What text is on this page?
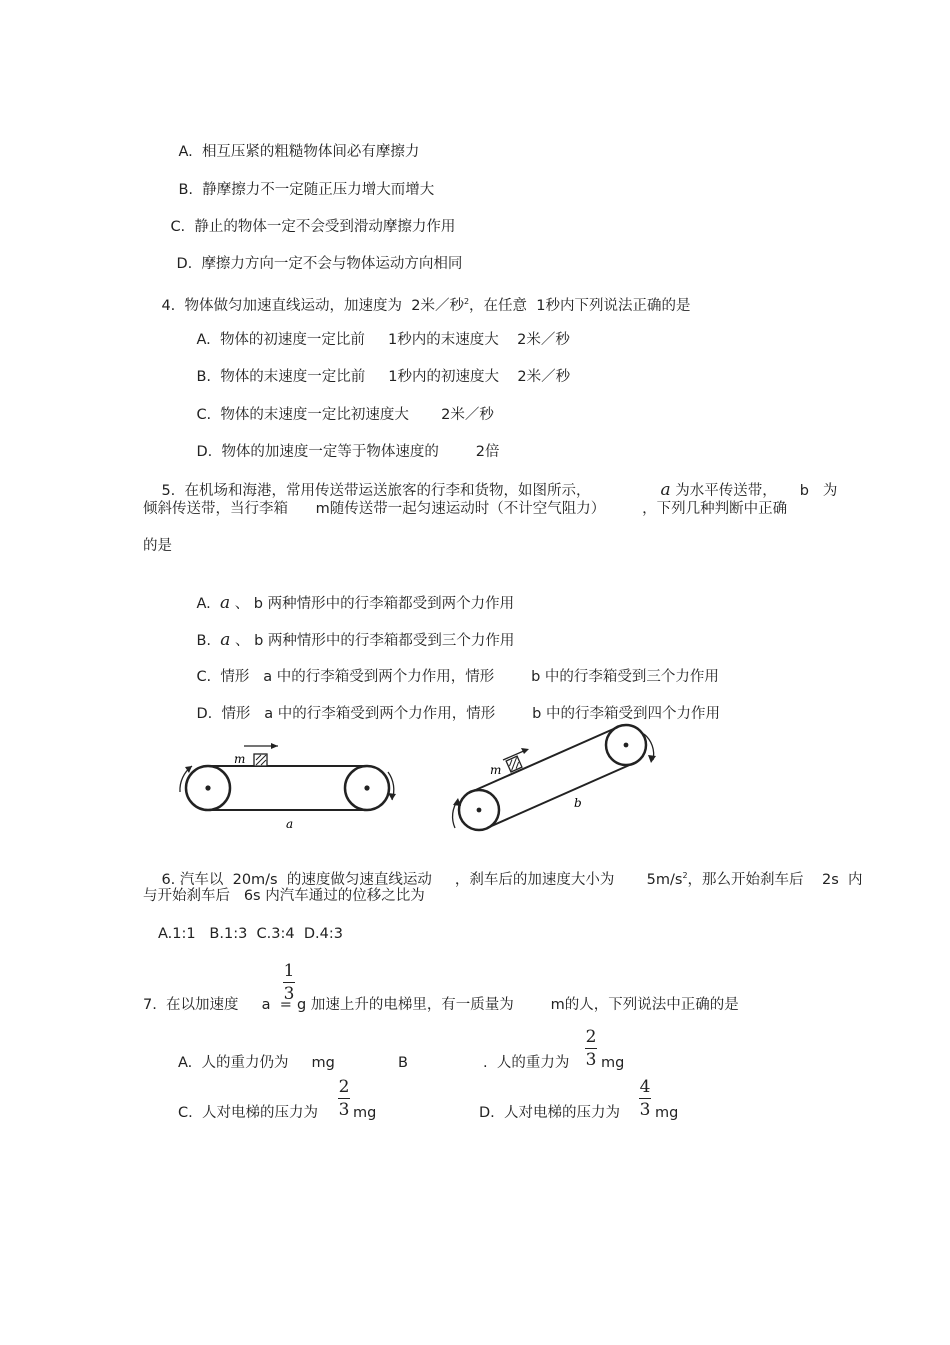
A. 相互压紧的粗糙物体间必有摩擦力

B. 静摩擦力不一定随正压力增大而增大

C. 静止的物体一定不会受到滑动摩擦力作用

D. 摩擦力方向一定不会与物体运动方向相同

4.  物体做匀加速直线运动，加速度为  2米／秒$^2$，在任意  1秒内下列说法正确的是

A. 物体的初速度一定比前     1秒内的末速度大    2米／秒

B. 物体的末速度一定比前     1秒内的初速度大    2米／秒

C. 物体的末速度一定比初速度大       2米／秒

D. 物体的加速度一定等于物体速度的        2倍

5.  在机场和海港，常用传送带运送旅客的行李和货物，如图所示，	a 为水平传送带，     b   为

倾斜传送带，当行李箱      m随传送带一起匀速运动时（不计空气阻力）        ，下列几种判断中正确
的是

A. a 、 b 两种情形中的行李箱都受到两个力作用

B. a 、 b 两种情形中的行李箱都受到三个力作用

C. 情形   a 中的行李箱受到两个力作用，情形        b 中的行李箱受到三个力作用

D. 情形   a 中的行李箱受到两个力作用，情形        b 中的行李箱受到四个力作用

m
a
m
b

6. 汽车以  20m/s  的速度做匀速直线运动     ，刹车后的加速度大小为       $5m/s^2$，那么开始刹车后    2s  内

与开始刹车后   6s 内汽车通过的位移之比为
A.1:1   B.1:3  C.3:4  D.4:3
7.  在以加速度     a  =
1
3
g 加速上升的电梯里，有一质量为        m的人，下列说法中正确的是
A.  人的重力仍为     mg	B	.  人的重力为
2
3 mg
C.  人对电梯的压力为
2
3 mg	D.  人对电梯的压力为
4
3 mg
